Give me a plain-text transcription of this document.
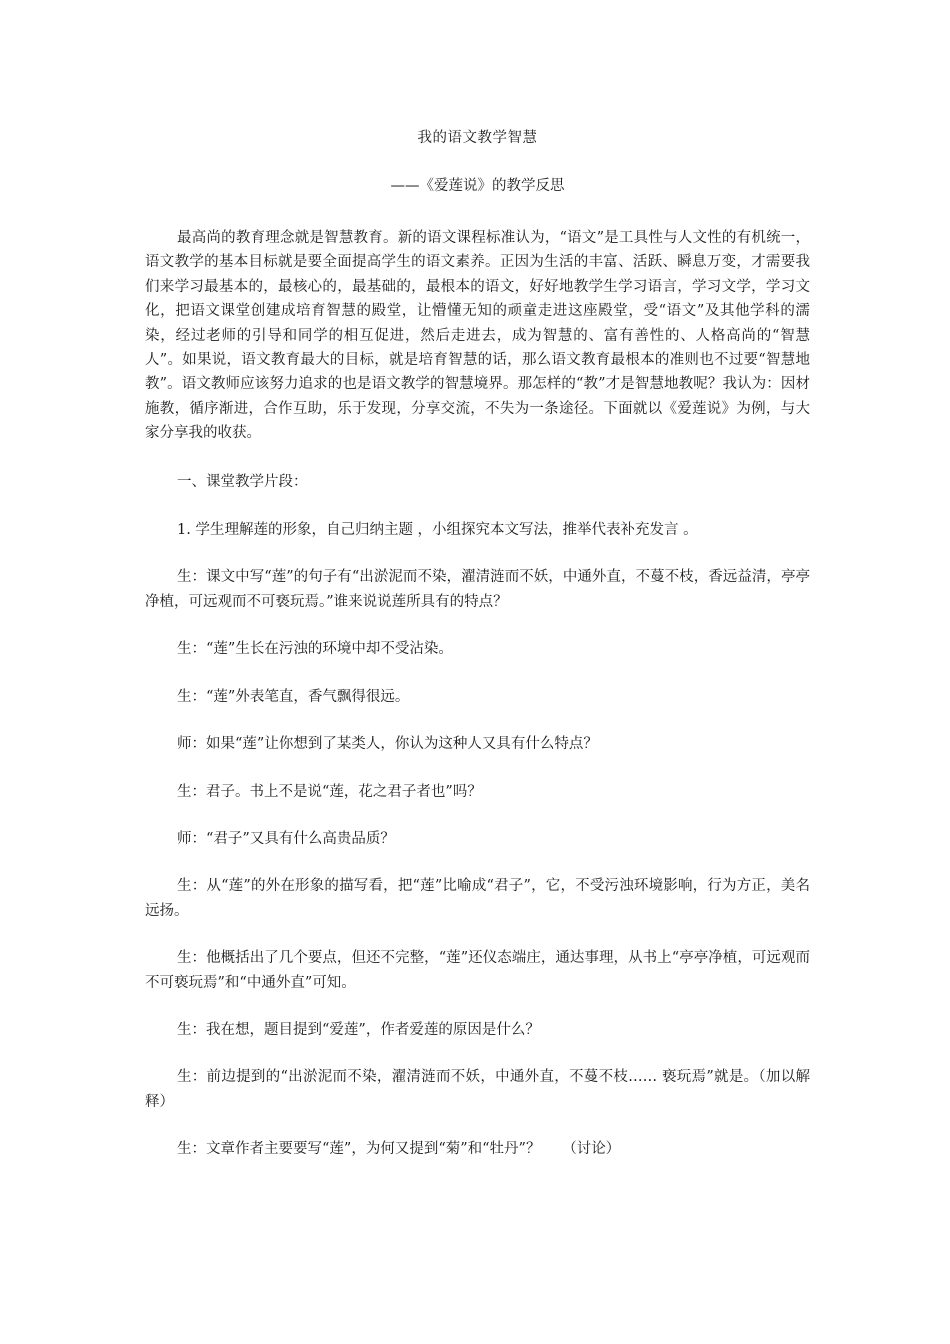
我的语文教学智慧
——《爱莲说》的教学反思

最高尚的教育理念就是智慧教育。新的语文课程标准认为，“语文”是工具性与人文性的有机统一，语文教学的基本目标就是要全面提高学生的语文素养。正因为生活的丰富、活跃、瞬息万变，才需要我们来学习最基本的，最核心的，最基础的，最根本的语文，好好地教学生学习语言，学习文学，学习文化，把语文课堂创建成培育智慧的殿堂，让懵懂无知的顽童走进这座殿堂，受“语文”及其他学科的濡染，经过老师的引导和同学的相互促进，然后走进去，成为智慧的、富有善性的、人格高尚的“智慧人”。如果说，语文教育最大的目标，就是培育智慧的话，那么语文教育最根本的准则也不过要“智慧地教”。语文教师应该努力追求的也是语文教学的智慧境界。那怎样的“教”才是智慧地教呢？我认为：因材施教，循序渐进，合作互助，乐于发现，分享交流，不失为一条途径。下面就以《爱莲说》为例，与大家分享我的收获。

一、课堂教学片段：

1. 学生理解莲的形象，自己归纳主题 ，小组探究本文写法，推举代表补充发言 。

生：课文中写“莲”的句子有“出淤泥而不染，濯清涟而不妖，中通外直，不蔓不枝，香远益清，亭亭净植，可远观而不可亵玩焉。”谁来说说莲所具有的特点？

生：“莲”生长在污浊的环境中却不受沾染。

生：“莲”外表笔直，香气飘得很远。

师：如果“莲”让你想到了某类人，你认为这种人又具有什么特点？

生：君子。书上不是说“莲，花之君子者也”吗？

师：“君子”又具有什么高贵品质？

生：从“莲”的外在形象的描写看，把“莲”比喻成“君子”，它，不受污浊环境影响，行为方正，美名远扬。

生：他概括出了几个要点，但还不完整，“莲”还仪态端庄，通达事理，从书上“亭亭净植，可远观而不可亵玩焉”和“中通外直”可知。

生：我在想，题目提到“爱莲”，作者爱莲的原因是什么？

生：前边提到的“出淤泥而不染，濯清涟而不妖，中通外直，不蔓不枝…… 亵玩焉”就是。（加以解释）

生：文章作者主要要写“莲”，为何又提到“菊”和“牡丹”？　　（讨论）
